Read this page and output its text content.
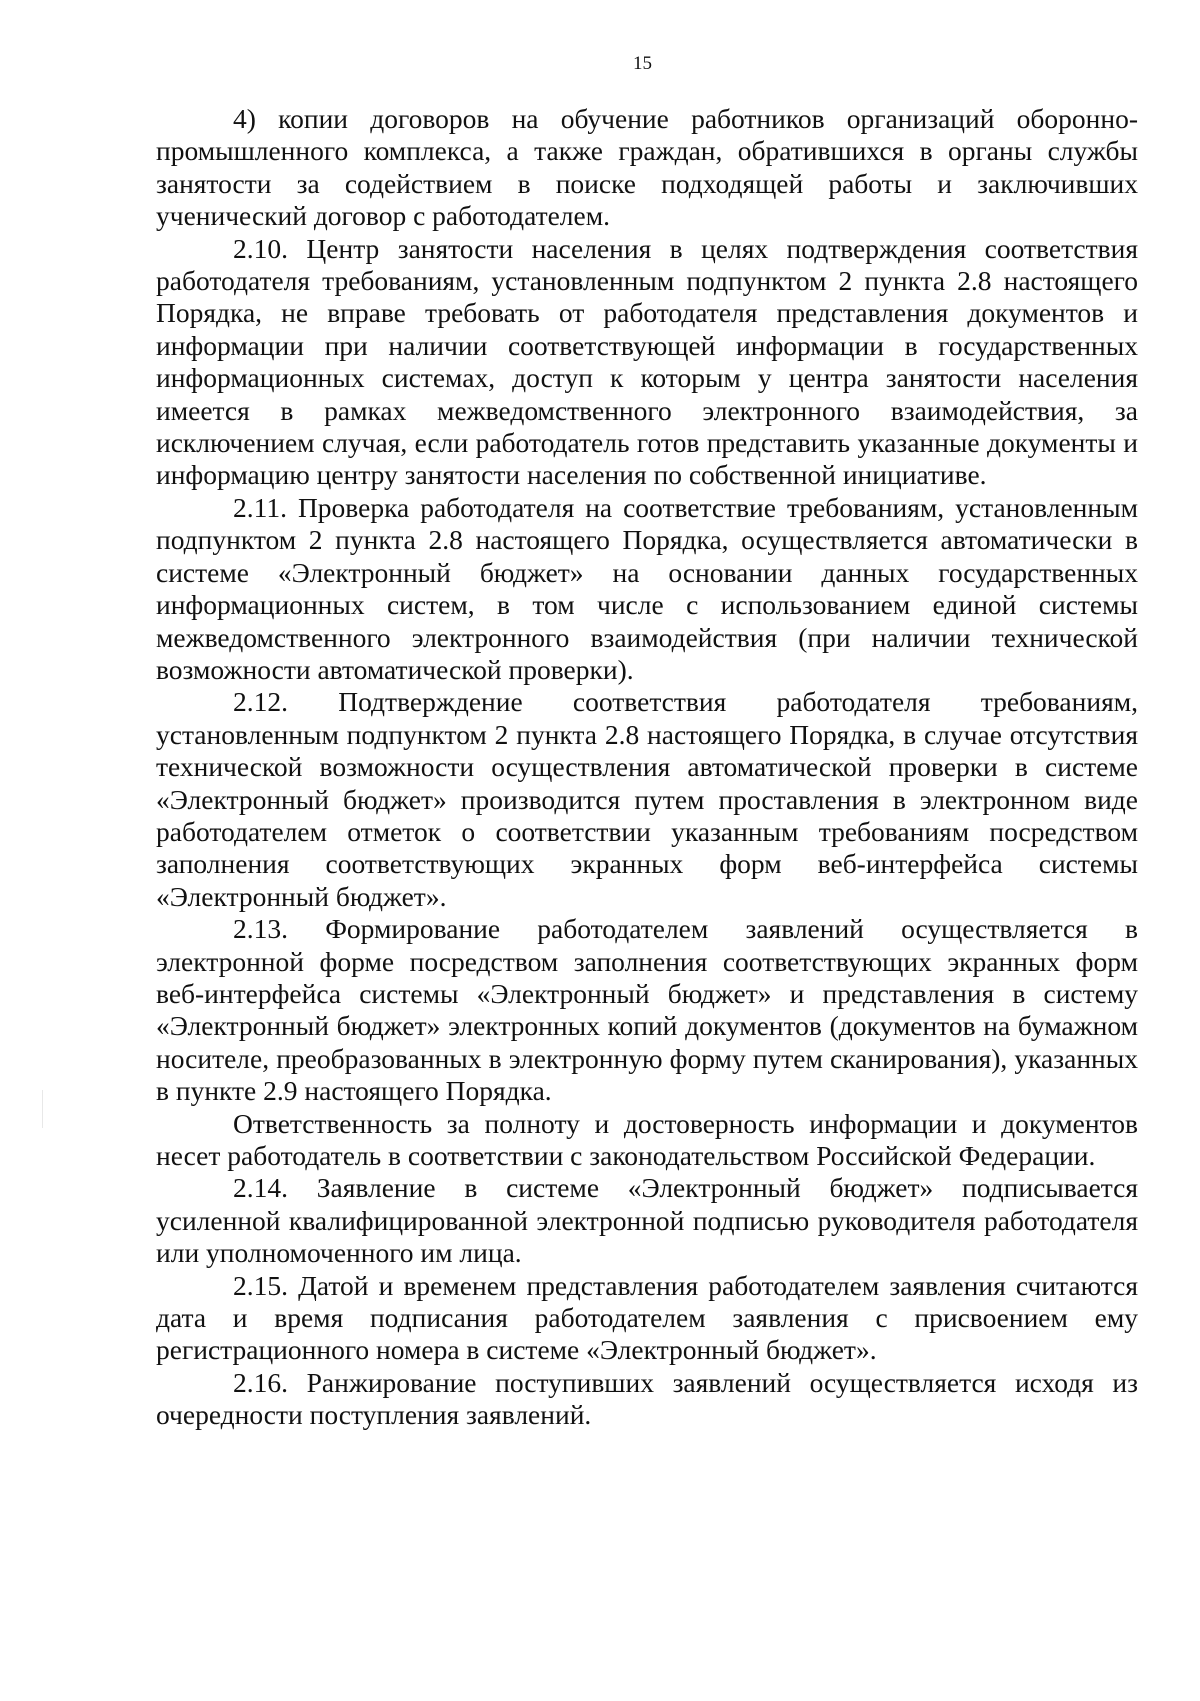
15

4) копии договоров на обучение работников организаций оборонно-промышленного комплекса, а также граждан, обратившихся в органы службы занятости за содействием в поиске подходящей работы и заключивших ученический договор с работодателем.

2.10. Центр занятости населения в целях подтверждения соответствия работодателя требованиям, установленным подпунктом 2 пункта 2.8 настоящего Порядка, не вправе требовать от работодателя представления документов и информации при наличии соответствующей информации в государственных информационных системах, доступ к которым у центра занятости населения имеется в рамках межведомственного электронного взаимодействия, за исключением случая, если работодатель готов представить указанные документы и информацию центру занятости населения по собственной инициативе.

2.11. Проверка работодателя на соответствие требованиям, установленным подпунктом 2 пункта 2.8 настоящего Порядка, осуществляется автоматически в системе «Электронный бюджет» на основании данных государственных информационных систем, в том числе с использованием единой системы межведомственного электронного взаимодействия (при наличии технической возможности автоматической проверки).

2.12. Подтверждение соответствия работодателя требованиям, установленным подпунктом 2 пункта 2.8 настоящего Порядка, в случае отсутствия технической возможности осуществления автоматической проверки в системе «Электронный бюджет» производится путем проставления в электронном виде работодателем отметок о соответствии указанным требованиям посредством заполнения соответствующих экранных форм веб-интерфейса системы «Электронный бюджет».

2.13. Формирование работодателем заявлений осуществляется в электронной форме посредством заполнения соответствующих экранных форм веб-интерфейса системы «Электронный бюджет» и представления в систему «Электронный бюджет» электронных копий документов (документов на бумажном носителе, преобразованных в электронную форму путем сканирования), указанных в пункте 2.9 настоящего Порядка.

Ответственность за полноту и достоверность информации и документов несет работодатель в соответствии с законодательством Российской Федерации.

2.14. Заявление в системе «Электронный бюджет» подписывается усиленной квалифицированной электронной подписью руководителя работодателя или уполномоченного им лица.

2.15. Датой и временем представления работодателем заявления считаются дата и время подписания работодателем заявления с присвоением ему регистрационного номера в системе «Электронный бюджет».

2.16. Ранжирование поступивших заявлений осуществляется исходя из очередности поступления заявлений.
